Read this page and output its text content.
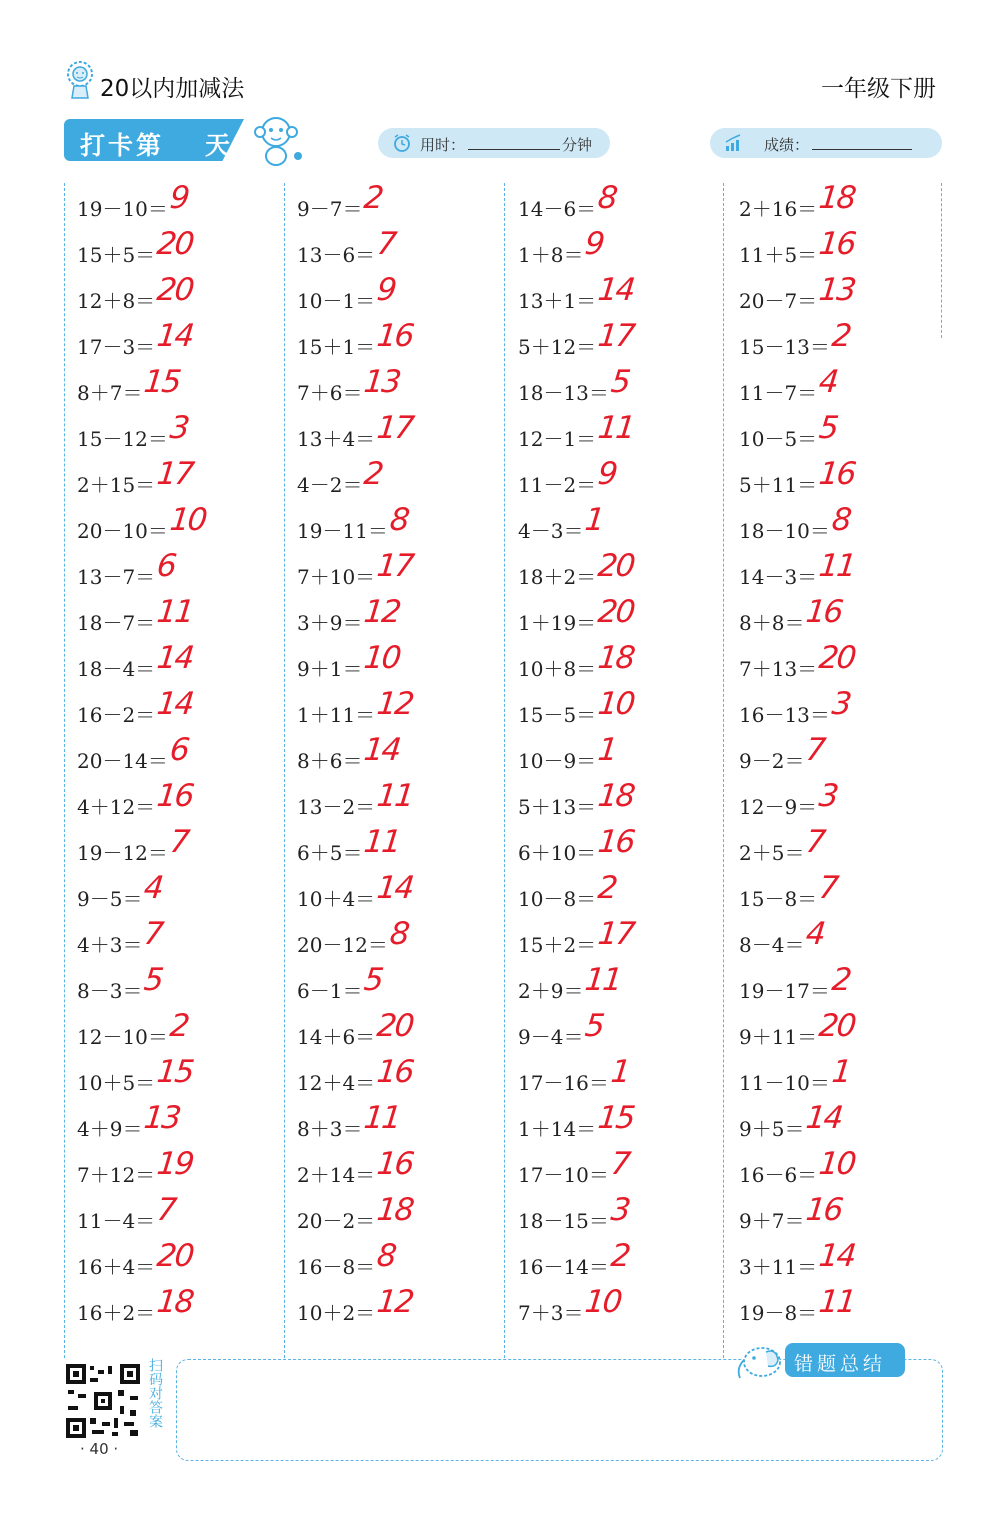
20以内加减法	一年级下册
打卡第 天	用时：	分钟	成绩：
19－10＝9
15＋5＝20
12＋8＝20
17－3＝14
8＋7＝15
15－12＝3
2＋15＝17
20－10＝10
13－7＝6
18－7＝11
18－4＝14
16－2＝14
20－14＝6
4＋12＝16
19－12＝7
9－5＝4
4＋3＝7
8－3＝5
12－10＝2
10＋5＝15
4＋9＝13
7＋12＝19
11－4＝7
16＋4＝20
16＋2＝18
9－7＝2
13－6＝7
10－1＝9
15＋1＝16
7＋6＝13
13＋4＝17
4－2＝2
19－11＝8
7＋10＝17
3＋9＝12
9＋1＝10
1＋11＝12
8＋6＝14
13－2＝11
6＋5＝11
10＋4＝14
20－12＝8
6－1＝5
14＋6＝20
12＋4＝16
8＋3＝11
2＋14＝16
20－2＝18
16－8＝8
10＋2＝12
14－6＝8
1＋8＝9
13＋1＝14
5＋12＝17
18－13＝5
12－1＝11
11－2＝9
4－3＝1
18＋2＝20
1＋19＝20
10＋8＝18
15－5＝10
10－9＝1
5＋13＝18
6＋10＝16
10－8＝2
15＋2＝17
2＋9＝11
9－4＝5
17－16＝1
1＋14＝15
17－10＝7
18－15＝3
16－14＝2
7＋3＝10
2＋16＝18
11＋5＝16
20－7＝13
15－13＝2
11－7＝4
10－5＝5
5＋11＝16
18－10＝8
14－3＝11
8＋8＝16
7＋13＝20
16－13＝3
9－2＝7
12－9＝3
2＋5＝7
15－8＝7
8－4＝4
19－17＝2
9＋11＝20
11－10＝1
9＋5＝14
16－6＝10
9＋7＝16
3＋11＝14
19－8＝11
错题总结
扫码对答案
· 40 ·
